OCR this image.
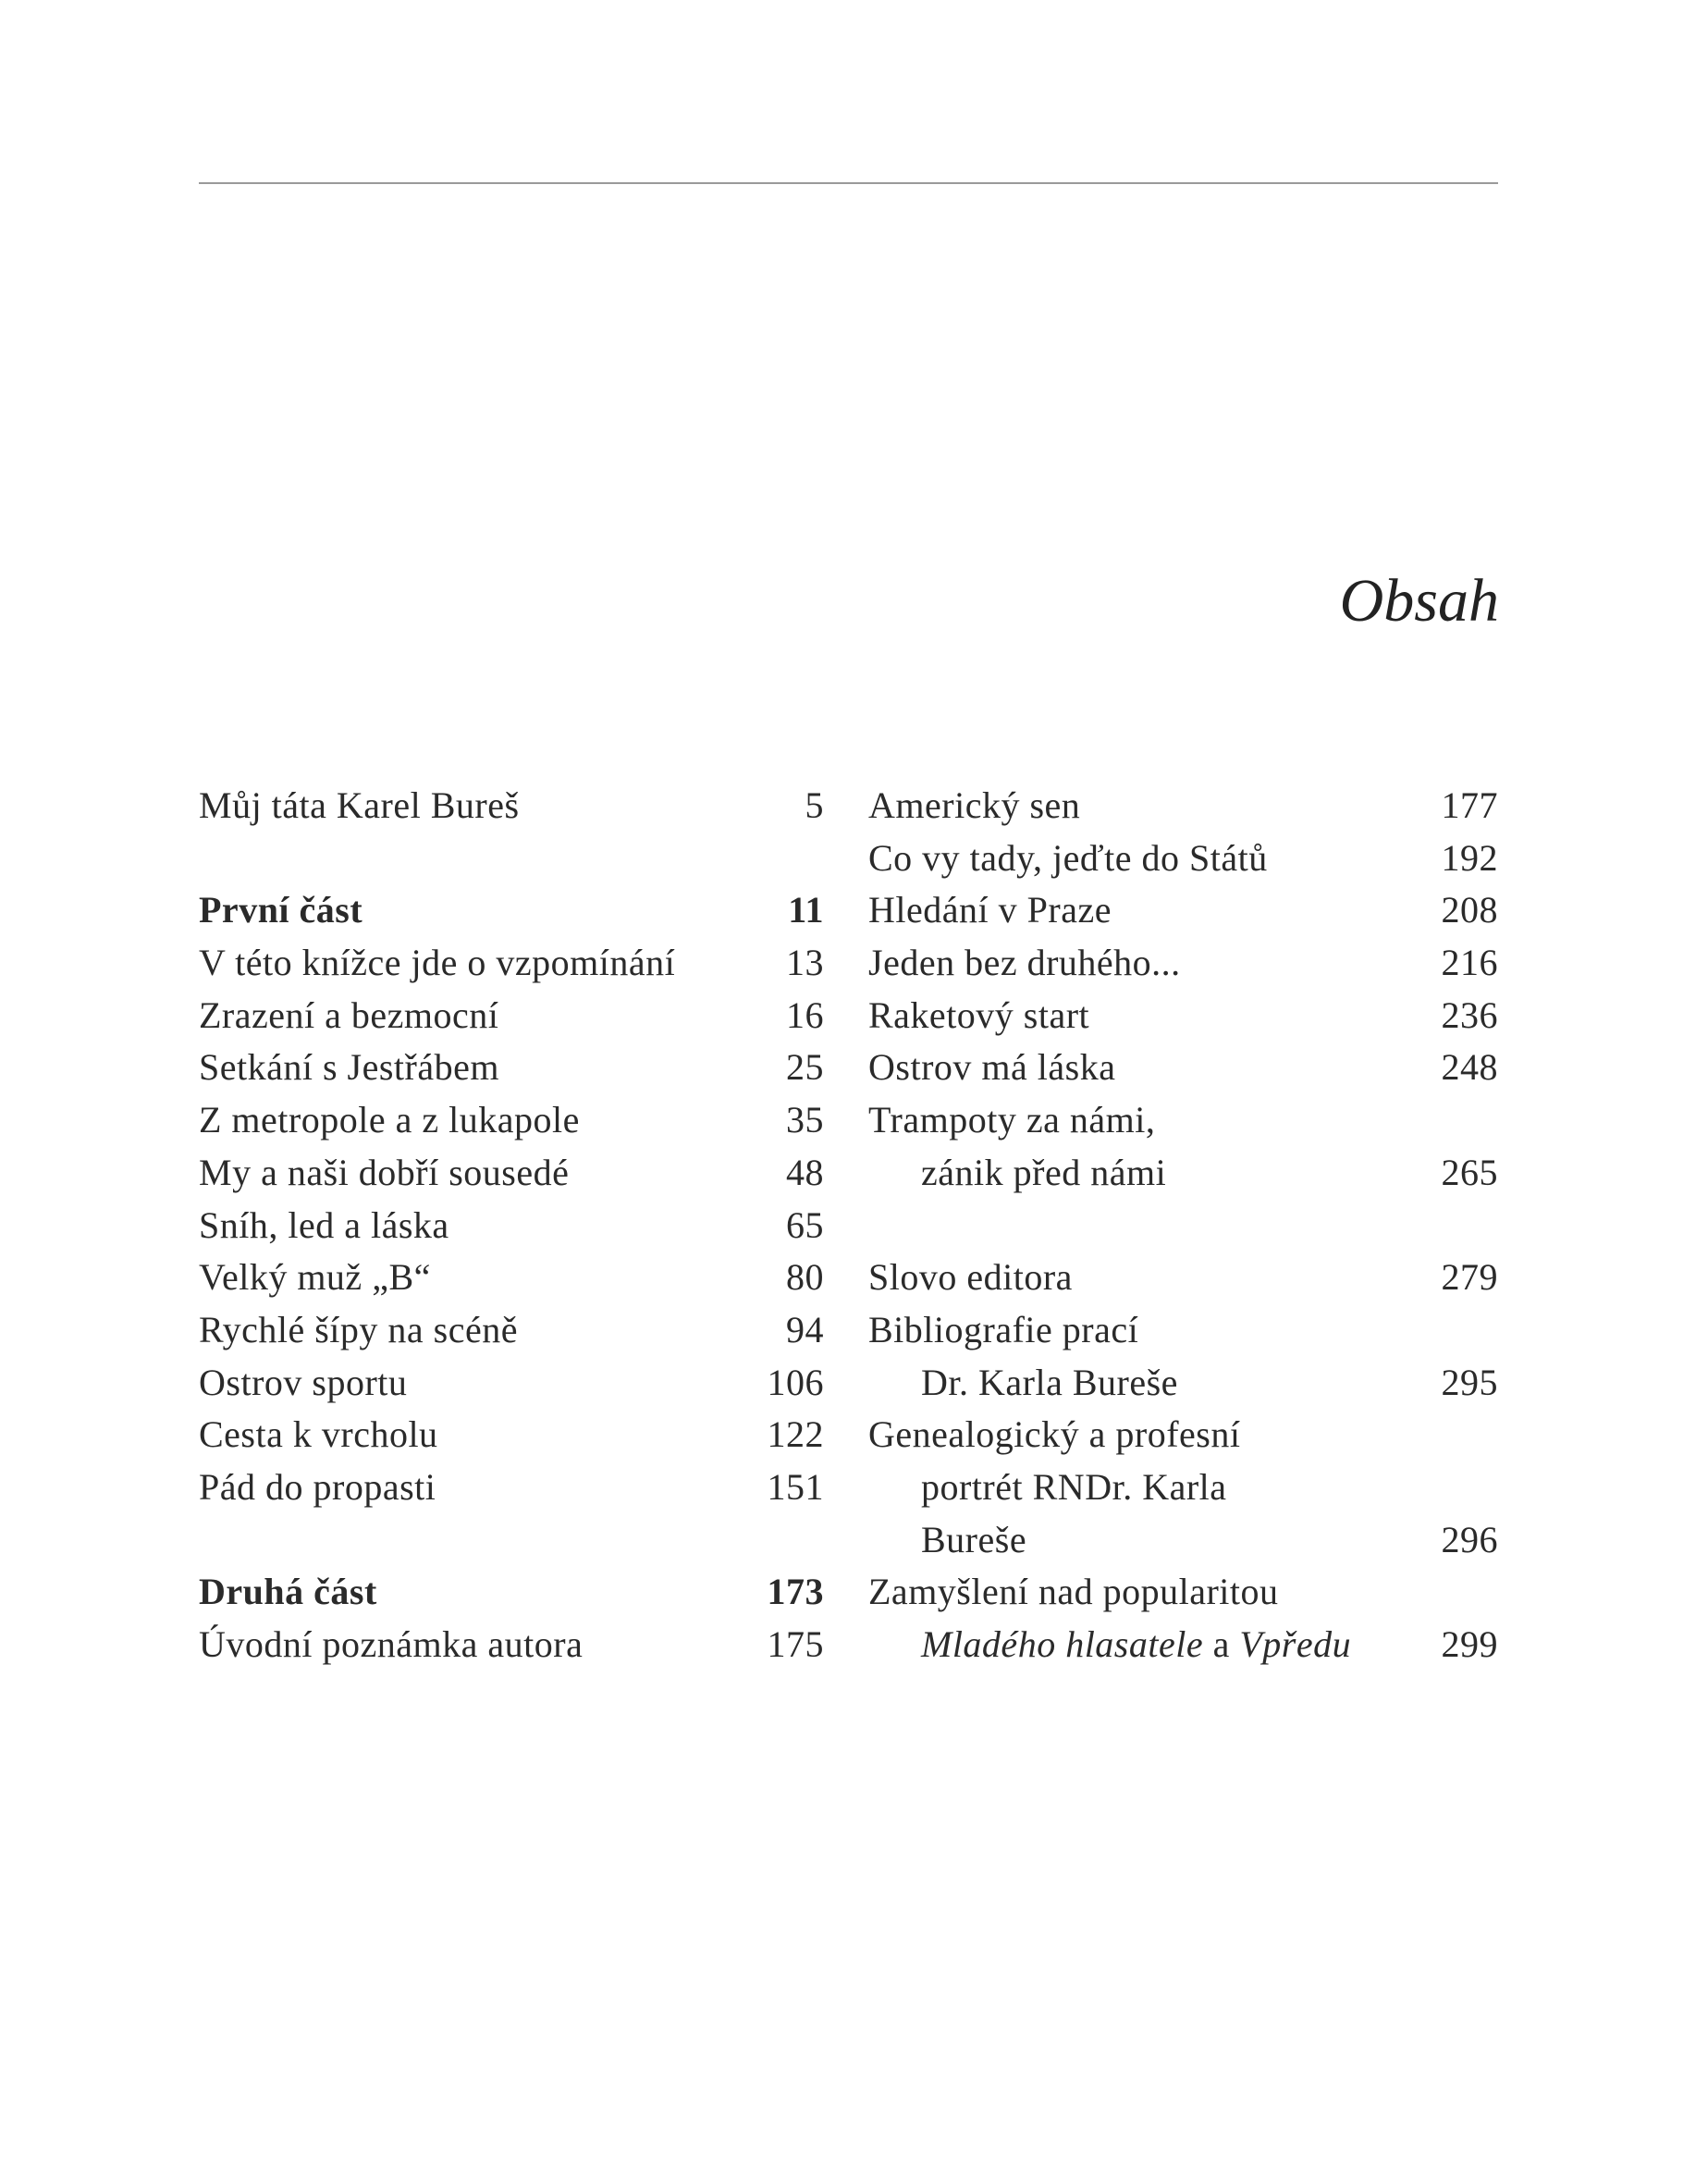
Obsah
Můj táta Karel Bureš	5
První část	11
V této knížce jde o vzpomínání	13
Zrazení a bezmocní	16
Setkání s Jestřábem	25
Z metropole a z lukapole	35
My a naši dobří sousedé	48
Sníh, led a láska	65
Velký muž „B“	80
Rychlé šípy na scéně	94
Ostrov sportu	106
Cesta k vrcholu	122
Pád do propasti	151
Druhá část	173
Úvodní poznámka autora	175
Americký sen	177
Co vy tady, jeďte do Států	192
Hledání v Praze	208
Jeden bez druhého...	216
Raketový start	236
Ostrov má láska	248
Trampoty za námi,
zánik před námi	265
Slovo editora	279
Bibliografie prací
Dr. Karla Bureše	295
Genealogický a profesní
portrét RNDr. Karla
Bureše	296
Zamyšlení nad popularitou
Mladého hlasatele a Vpředu	299
